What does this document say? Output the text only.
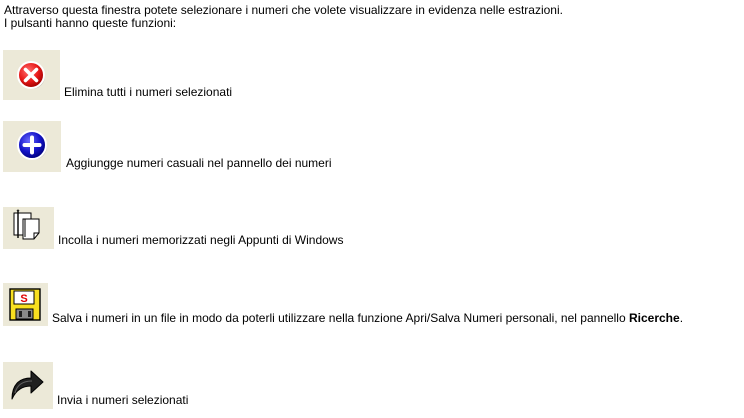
Attraverso questa finestra potete selezionare i numeri che volete visualizzare in evidenza nelle estrazioni.
I pulsanti hanno queste funzioni:
Elimina tutti i numeri selezionati
Aggiungge numeri casuali nel pannello dei numeri
Incolla i numeri memorizzati negli Appunti di Windows
S
Salva i numeri in un file in modo da poterli utilizzare nella funzione Apri/Salva Numeri personali, nel pannello Ricerche.
Invia i numeri selezionati
